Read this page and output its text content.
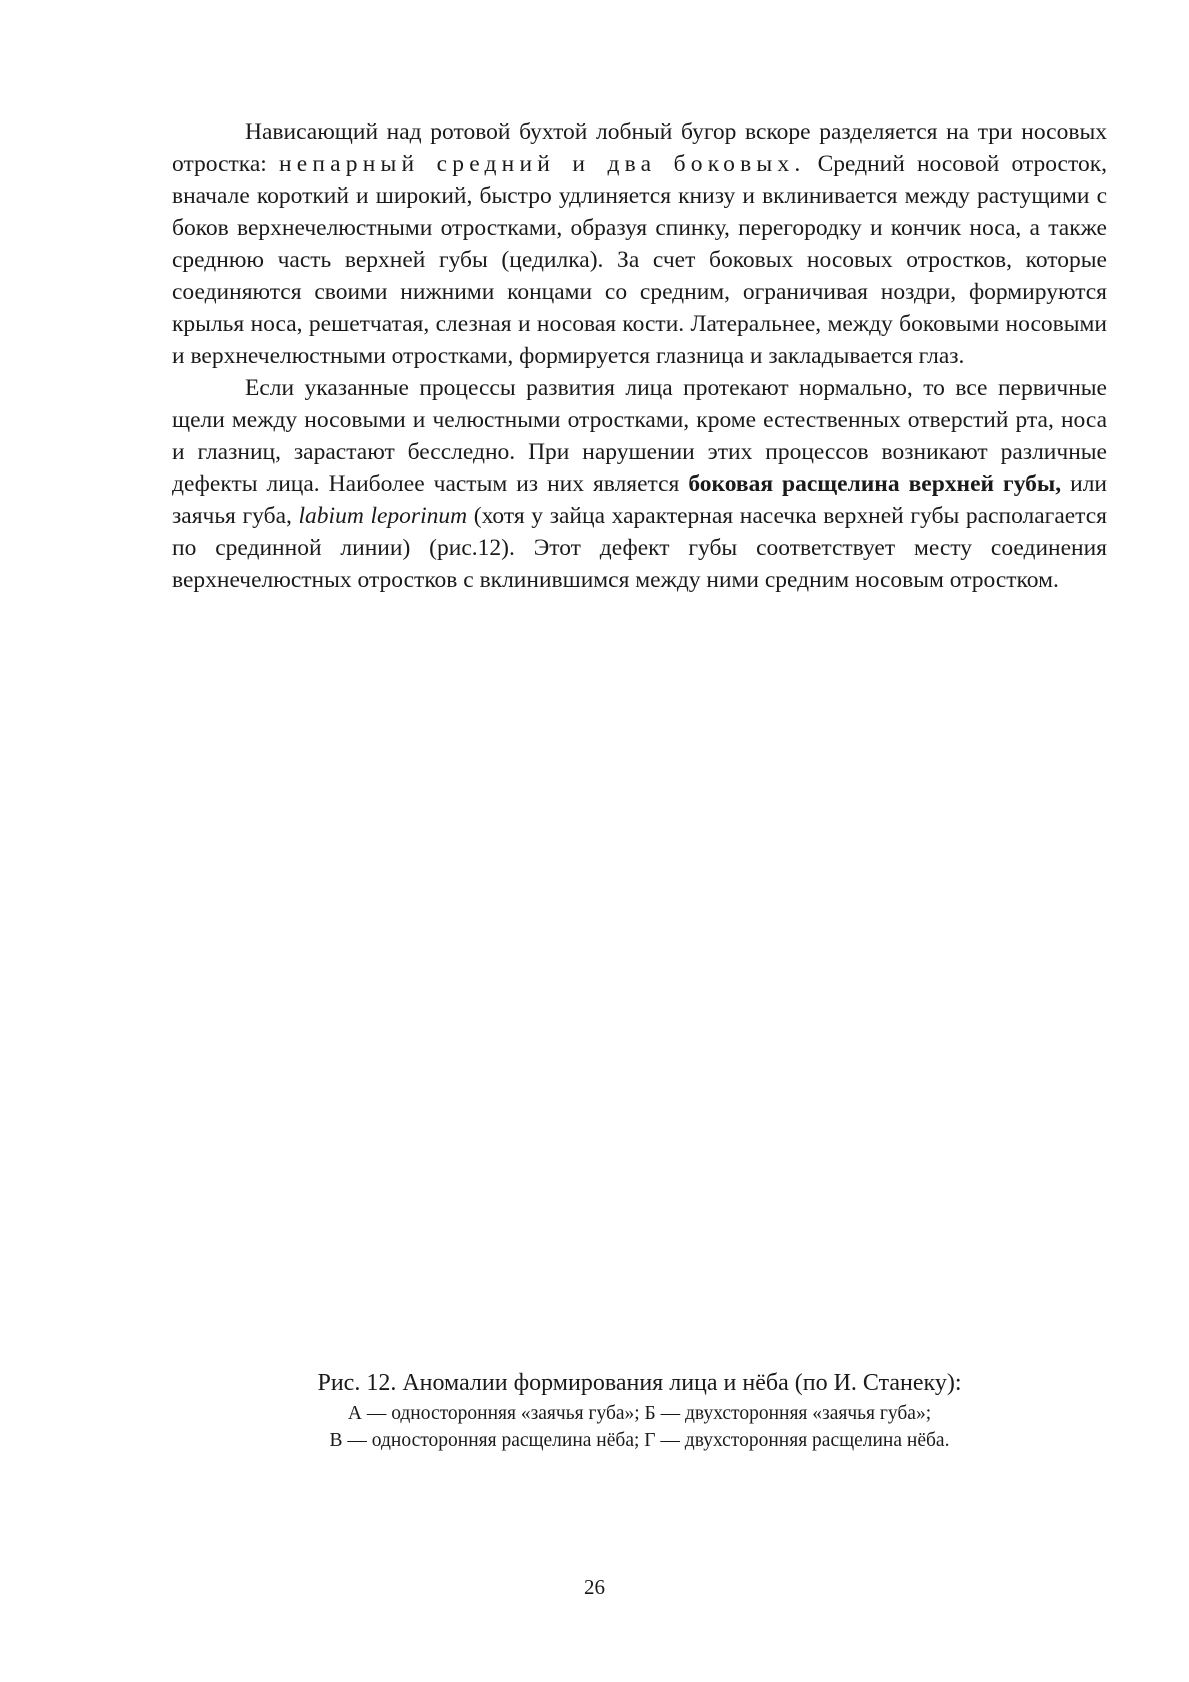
Нависающий над ротовой бухтой лобный бугор вскоре разделяется на три носовых отростка: непарный средний и два боковых. Средний носовой отросток, вначале короткий и широкий, быстро удлиняется книзу и вклинивается между растущими с боков верхнечелюстными отростками, образуя спинку, перегородку и кончик носа, а также среднюю часть верхней губы (цедилка). За счет боковых носовых отростков, которые соединяются своими нижними концами со средним, ограничивая ноздри, формируются крылья носа, решетчатая, слезная и носовая кости. Латеральнее, между боковыми носовыми и верхнечелюстными отростками, формируется глазница и закладывается глаз.

Если указанные процессы развития лица протекают нормально, то все первичные щели между носовыми и челюстными отростками, кроме естественных отверстий рта, носа и глазниц, зарастают бесследно. При нарушении этих процессов возникают различные дефекты лица. Наиболее частым из них является боковая расщелина верхней губы, или заячья губа, labium leporinum (хотя у зайца характерная насечка верхней губы располагается по срединной линии) (рис.12). Этот дефект губы соответствует месту соединения верхнечелюстных отростков с вклинившимся между ними средним носовым отростком.

Рис. 12. Аномалии формирования лица и нёба (по И. Станеку):

А — односторонняя «заячья губа»; Б — двухсторонняя «заячья губа»;

В — односторонняя расщелина нёба; Г — двухсторонняя расщелина нёба.

26
